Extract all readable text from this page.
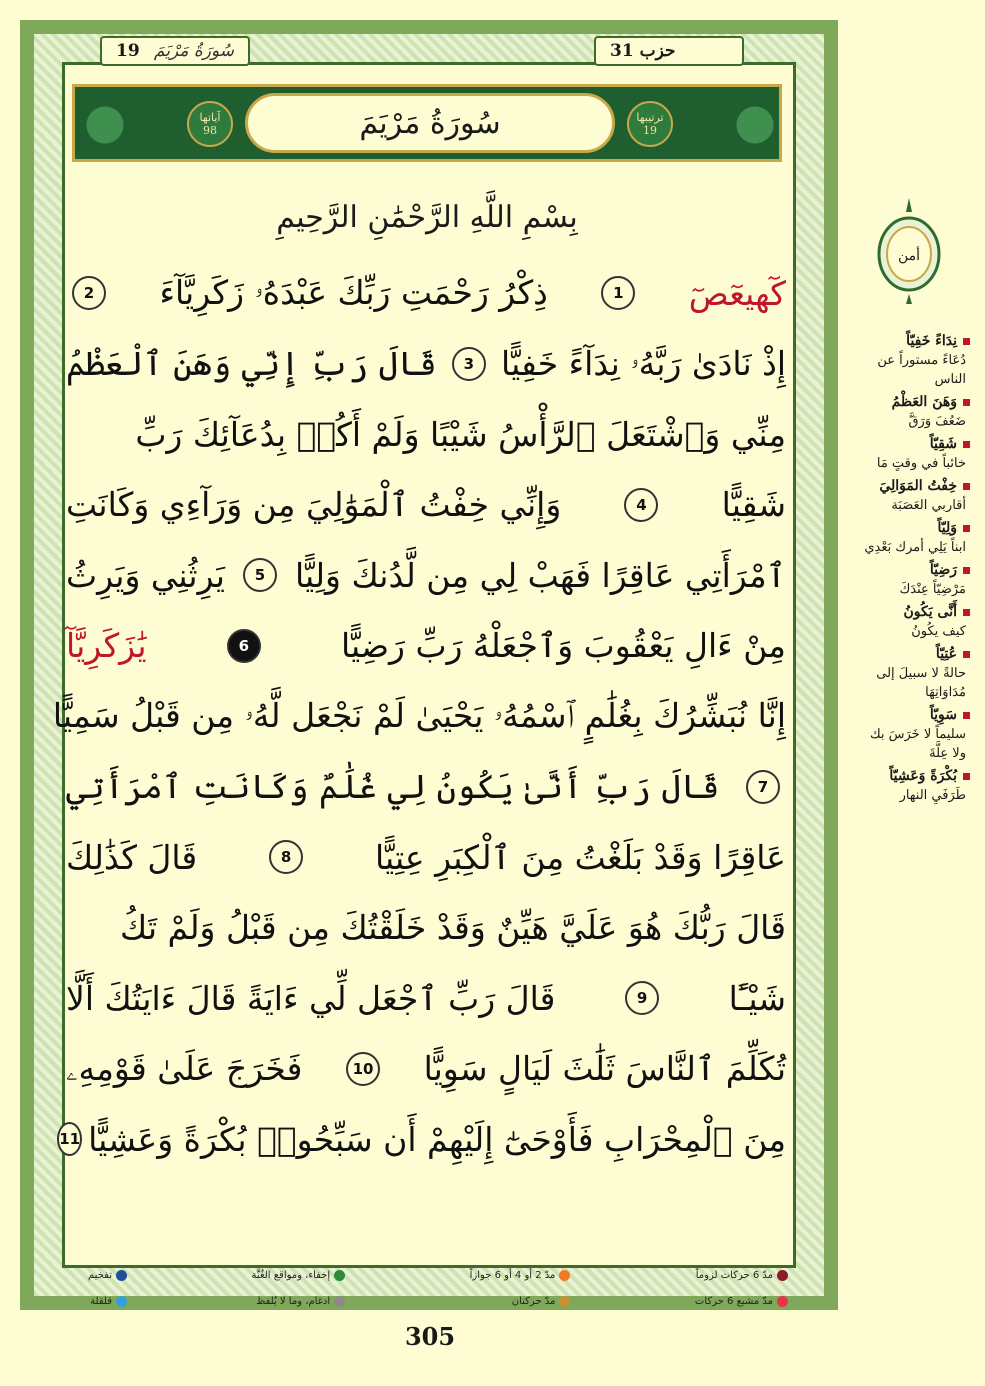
19 سُورَةُ مَرْيَمَ	حزب 31
آياتها
98	سُورَةُ مَرْيَمَ	ترتيبها
19
بِسْمِ اللَّهِ الرَّحْمَٰنِ الرَّحِيمِ
كٓهيعٓصٓ
1
ذِكْرُ رَحْمَتِ رَبِّكَ عَبْدَهُۥ زَكَرِيَّآءَ
2
إِذْ نَادَىٰ رَبَّهُۥ نِدَآءً خَفِيًّا
3
قَالَ رَبِّ إِنِّي وَهَنَ ٱلْعَظْمُ
مِنِّي وَٱشْتَعَلَ ٱلرَّأْسُ شَيْبًا وَلَمْ أَكُنۢ بِدُعَآئِكَ رَبِّ
شَقِيًّا
4
وَإِنِّي خِفْتُ ٱلْمَوَٰلِيَ مِن وَرَآءِي وَكَانَتِ
ٱمْرَأَتِي عَاقِرًا فَهَبْ لِي مِن لَّدُنكَ وَلِيًّا
5
يَرِثُنِي وَيَرِثُ
مِنْ ءَالِ يَعْقُوبَ وَٱجْعَلْهُ رَبِّ رَضِيًّا
6
يَٰزَكَرِيَّآ
إِنَّا نُبَشِّرُكَ بِغُلَٰمٍ ٱسْمُهُۥ يَحْيَىٰ لَمْ نَجْعَل لَّهُۥ مِن قَبْلُ سَمِيًّا
7
قَالَ رَبِّ أَنَّىٰ يَكُونُ لِي غُلَٰمٌ وَكَانَتِ ٱمْرَأَتِي
عَاقِرًا وَقَدْ بَلَغْتُ مِنَ ٱلْكِبَرِ عِتِيًّا
8
قَالَ كَذَٰلِكَ
قَالَ رَبُّكَ هُوَ عَلَيَّ هَيِّنٌ وَقَدْ خَلَقْتُكَ مِن قَبْلُ وَلَمْ تَكُ
شَيْـًٔا
9
قَالَ رَبِّ ٱجْعَل لِّي ءَايَةً قَالَ ءَايَتُكَ أَلَّا
تُكَلِّمَ ٱلنَّاسَ ثَلَٰثَ لَيَالٍ سَوِيًّا
10
فَخَرَجَ عَلَىٰ قَوْمِهِۦ
مِنَ ٱلْمِحْرَابِ فَأَوْحَىٰٓ إِلَيْهِمْ أَن سَبِّحُوا۟ بُكْرَةً وَعَشِيًّا
11
أمن
نِدَاءً خَفِيّاً
دُعَاءً مستوراً عن الناس
وَهَنَ العَظْمُ
ضَعُفَ وَرَقَّ
شَقِيّاً
خائباً في وقتٍ مَا
خِفْتُ المَوَالِيَ
أقاربي العَصَبَة
وَلِيّاً
ابناً يَلِي أمرك بَعْدِي
رَضِيّاً
مَرْضِيّاً عِنْدَكَ
أَنَّى يَكُونُ
كيف يكُونُ
عُتِيّاً
حالةً لا سبيلَ إلى مُدَاوَاتِهَا
سَوِيّاً
سليماً لا خَرَسَ بك ولا عِلَّةَ
بُكْرَةً وَعَشِيّاً
طَرَفَيِ النهار
مدّ 6 حركات لزوماً
مدّ مشبع 6 حركات
مدّ 2 أو 4 أو 6 جوازاً
مدّ حركتان
إخفاء، ومواقع الغُنَّة
ادغام، وما لا يُلفظ
تفخيم
قلقلة
305
